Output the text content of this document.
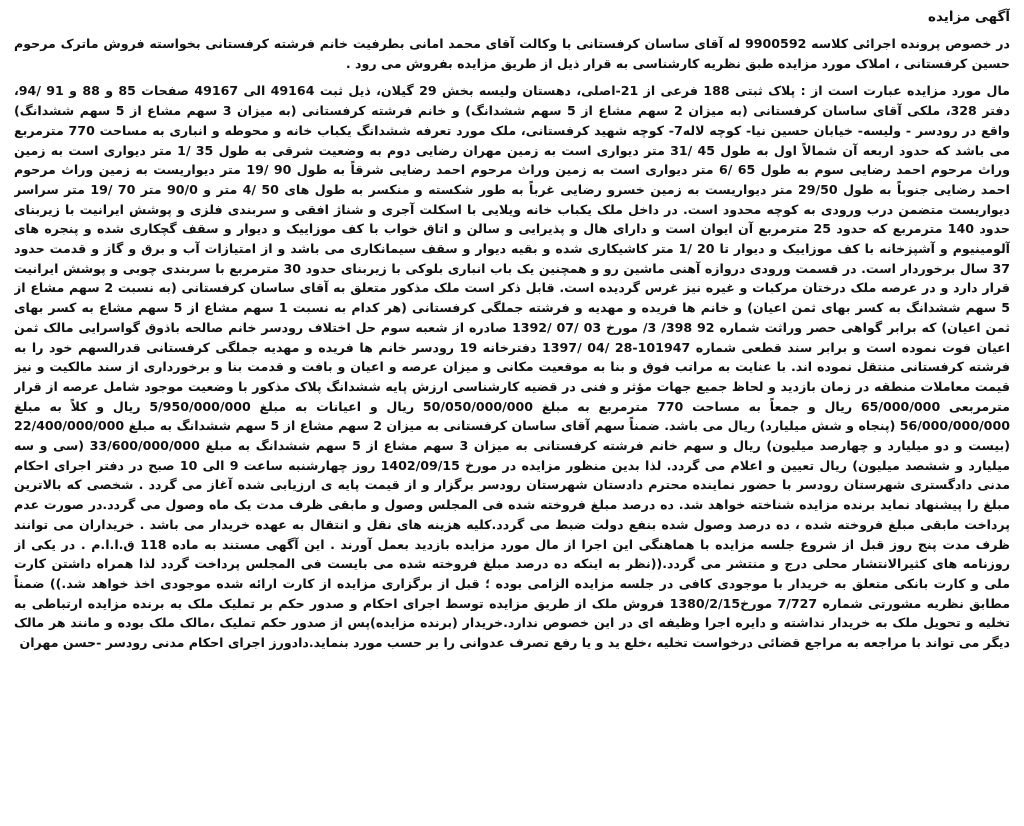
آگهی مزایده

در خصوص پرونده اجرائی کلاسه 9900592 له آقای ساسان کرفستانی با وکالت آقای محمد امانی بطرفیت خانم فرشته کرفستانی بخواسته فروش ماترک مرحوم حسین کرفستانی ، املاک مورد مزایده طبق نظریه کارشناسی به قرار ذیل از طریق مزایده بفروش می رود .

مال مورد مزایده عبارت است از : پلاک ثبتی 188 فرعی از 21-اصلی، دهستان ولیسه بخش 29 گیلان، ذیل ثبت 49164 الی 49167 صفحات 85 و 88 و 91 /94، دفتر 328، ملکی آقای ساسان کرفستانی (به میزان 2 سهم مشاع از 5 سهم ششدانگ) و خانم فرشته کرفستانی (به میزان 3 سهم مشاع از 5 سهم ششدانگ) واقع در رودسر - ولیسه- خیابان حسین نیا- کوچه لاله7- کوچه شهید کرفستانی، ملک مورد تعرفه ششدانگ یکباب خانه و محوطه و انباری به مساحت 770 مترمربع می باشد که حدود اربعه آن شمالاً اول به طول 45 /31 متر دیواری است به زمین مهران رضایی دوم به وضعیت شرقی به طول 35 /1 متر دیواری است به زمین وراث مرحوم احمد رضایی سوم به طول 65 /6 متر دیواری است به زمین وراث مرحوم احمد رضایی شرقاً به طول 90 /19 متر دیواریست به زمین وراث مرحوم احمد رضایی جنوباً به طول 29/50 متر دیواریست به زمین خسرو رضایی غرباً به طور شکسته و منکسر به طول های 50 /4 متر و 90/0 متر 70 /19 متر سراسر دیواریست متضمن درب ورودی به کوچه محدود است. در داخل ملک یکباب خانه ویلایی با اسکلت آجری و شناژ افقی و سربندی فلزی و پوشش ایرانیت با زیربنای حدود 140 مترمربع که حدود 25 مترمربع آن ایوان است و دارای هال و پذیرایی و سالن و اتاق خواب با کف موزاییک و دیوار و سقف گچکاری شده و پنجره های آلومینیوم و آشپزخانه با کف موزاییک و دیوار تا 20 /1 متر کاشیکاری شده و بقیه دیوار و سقف سیمانکاری می باشد و از امتیازات آب و برق و گاز و قدمت حدود 37 سال برخوردار است. در قسمت ورودی دروازه آهنی ماشین رو و همچنین یک باب انباری بلوکی با زیربنای حدود 30 مترمربع با سربندی چوبی و پوشش ایرانیت قرار دارد و در عرصه ملک درختان مرکبات و غیره نیز غرس گردیده است. قابل ذکر است ملک مذکور متعلق به آقای ساسان کرفستانی (به نسبت 2 سهم مشاع از 5 سهم ششدانگ به کسر بهای ثمن اعیان) و خانم ها فریده و مهدیه و فرشته جملگی کرفستانی (هر کدام به نسبت 1 سهم مشاع از 5 سهم مشاع به کسر بهای ثمن اعیان) که برابر گواهی حصر وراثت شماره 92 398/ 3/ مورخ 03 /07 /1392 صادره از شعبه سوم حل اختلاف رودسر خانم صالحه باذوق گواسرایی مالک ثمن اعیان فوت نموده است و برابر سند قطعی شماره 101947-28 /04 /1397 دفترخانه 19 رودسر خانم ها فریده و مهدیه جملگی کرفستانی قدرالسهم خود را به فرشته کرفستانی منتقل نموده اند. با عنایت به مراتب فوق و بنا به موقعیت مکانی و میزان عرصه و اعیان و بافت و قدمت بنا و برخورداری از سند مالکیت و نیز قیمت معاملات منطقه در زمان بازدید و لحاظ جمیع جهات مؤثر و فنی در قضیه کارشناسی ارزش پایه ششدانگ پلاک مذکور با وضعیت موجود شامل عرصه از قرار مترمربعی 65/000/000 ریال و جمعاً به مساحت 770 مترمربع به مبلغ 50/050/000/000 ریال و اعیانات به مبلغ 5/950/000/000 ریال و کلاً به مبلغ 56/000/000/000 (پنجاه و شش میلیارد) ریال می باشد. ضمناً سهم آقای ساسان کرفستانی به میزان 2 سهم مشاع از 5 سهم ششدانگ به مبلغ 22/400/000/000 (بیست و دو میلیارد و چهارصد میلیون) ریال و سهم خانم فرشته کرفستانی به میزان 3 سهم مشاع از 5 سهم ششدانگ به مبلغ 33/600/000/000 (سی و سه میلیارد و ششصد میلیون) ریال تعیین و اعلام می گردد. لذا بدین منظور مزایده در مورخ 1402/09/15 روز چهارشنبه ساعت 9 الی 10 صبح در دفتر اجرای احکام مدنی دادگستری شهرستان رودسر با حضور نماینده محترم دادستان شهرستان رودسر برگزار و از قیمت پایه ی ارزیابی شده آغاز می گردد . شخصی که بالاترین مبلغ را پیشنهاد نماید برنده مزایده شناخته خواهد شد. ده درصد مبلغ فروخته شده فی المجلس وصول و مابقی ظرف مدت یک ماه وصول می گردد.در صورت عدم پرداخت مابقی مبلغ فروخته شده ، ده درصد وصول شده بنفع دولت ضبط می گردد.کلیه هزینه های نقل و انتقال به عهده خریدار می باشد . خریداران می توانند ظرف مدت پنج روز قبل از شروع جلسه مزایده با هماهنگی این اجرا از مال مورد مزایده بازدید بعمل آورند . این آگهی مستند به ماده 118 ق.ا.ا.م . در یکی از روزنامه های کثیرالانتشار محلی درج و منتشر می گردد.((نظر به اینکه ده درصد مبلغ فروخته شده می بایست فی المجلس پرداخت گردد لذا همراه داشتن کارت ملی و کارت بانکی متعلق به خریدار با موجودی کافی در جلسه مزایده الزامی بوده ؛ قبل از برگزاری مزایده از کارت ارائه شده موجودی اخذ خواهد شد.)) ضمناً مطابق نظریه مشورتی شماره 7/727 مورخ1380/2/15 فروش ملک از طریق مزایده توسط اجرای احکام و صدور حکم بر تملیک ملک به برنده مزایده ارتباطی به تخلیه و تحویل ملک به خریدار نداشته و دایره اجرا وظیفه ای در این خصوص ندارد.خریدار (برنده مزایده)پس از صدور حکم تملیک ،مالک ملک بوده و مانند هر مالک دیگر می تواند با مراجعه به مراجع قضائی درخواست تخلیه ،خلع ید و یا رفع تصرف عدوانی را بر حسب مورد بنماید.دادورز اجرای احکام مدنی رودسر -حسن مهران
